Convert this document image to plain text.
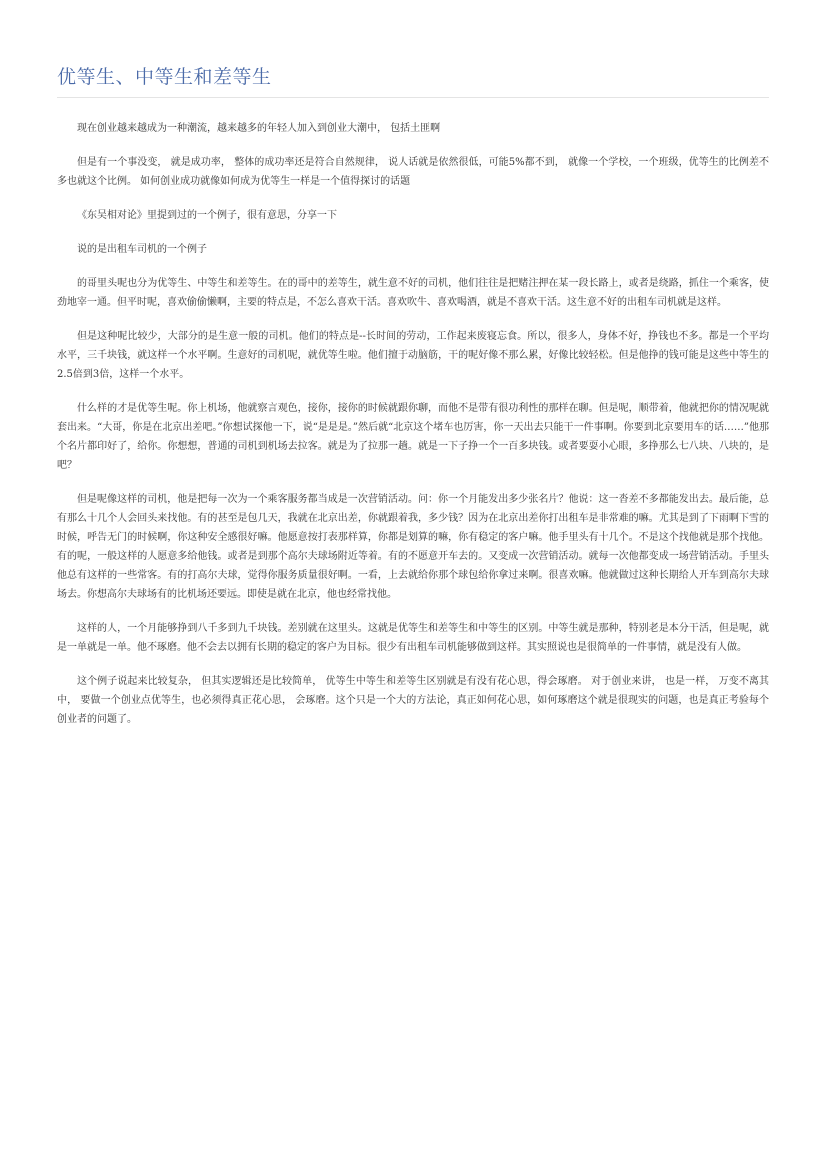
优等生、中等生和差等生

现在创业越来越成为一种潮流，越来越多的年轻人加入到创业大潮中， 包括土匪啊

但是有一个事没变， 就是成功率， 整体的成功率还是符合自然规律， 说人话就是依然很低，可能5%都不到， 就像一个学校，一个班级，优等生的比例差不多也就这个比例。 如何创业成功就像如何成为优等生一样是一个值得探讨的话题

《东吴相对论》里提到过的一个例子，很有意思，分享一下

说的是出租车司机的一个例子

的哥里头呢也分为优等生、中等生和差等生。在的哥中的差等生，就生意不好的司机，他们往往是把赌注押在某一段长路上，或者是绕路，抓住一个乘客，使劲地宰一通。但平时呢，喜欢偷偷懒啊，主要的特点是，不怎么喜欢干活。喜欢吹牛、喜欢喝酒，就是不喜欢干活。这生意不好的出租车司机就是这样。

但是这种呢比较少，大部分的是生意一般的司机。他们的特点是--长时间的劳动，工作起来废寝忘食。所以，很多人，身体不好，挣钱也不多。都是一个平均水平，三千块钱，就这样一个水平啊。生意好的司机呢，就优等生啦。他们擅于动脑筋，干的呢好像不那么累，好像比较轻松。但是他挣的钱可能是这些中等生的2.5倍到3倍，这样一个水平。

什么样的才是优等生呢。你上机场，他就察言观色，接你，接你的时候就跟你聊，而他不是带有很功利性的那样在聊。但是呢，顺带着，他就把你的情况呢就套出来。“大哥，你是在北京出差吧。”你想试探他一下，说“是是是。”然后就“北京这个堵车也厉害，你一天出去只能干一件事啊。你要到北京要用车的话……”他那个名片都印好了，给你。你想想，普通的司机到机场去拉客。就是为了拉那一趟。就是一下子挣一个一百多块钱。或者要耍小心眼，多挣那么七八块、八块的，是吧？

但是呢像这样的司机，他是把每一次为一个乘客服务都当成是一次营销活动。问：你一个月能发出多少张名片？他说：这一沓差不多都能发出去。最后能，总有那么十几个人会回头来找他。有的甚至是包几天，我就在北京出差，你就跟着我，多少钱？因为在北京出差你打出租车是非常难的嘛。尤其是到了下雨啊下雪的时候，呼告无门的时候啊，你这种安全感很好嘛。他愿意按打表那样算，你都是划算的嘛，你有稳定的客户嘛。他手里头有十几个。不是这个找他就是那个找他。有的呢，一般这样的人愿意多给他钱。或者是到那个高尔夫球场附近等着。有的不愿意开车去的。又变成一次营销活动。就每一次他都变成一场营销活动。手里头他总有这样的一些常客。有的打高尔夫球，觉得你服务质量很好啊。一看，上去就给你那个球包给你拿过来啊。很喜欢嘛。他就做过这种长期给人开车到高尔夫球场去。你想高尔夫球场有的比机场还要远。即使是就在北京，他也经常找他。

这样的人，一个月能够挣到八千多到九千块钱。差别就在这里头。这就是优等生和差等生和中等生的区别。中等生就是那种，特别老是本分干活，但是呢，就是一单就是一单。他不琢磨。他不会去以拥有长期的稳定的客户为目标。很少有出租车司机能够做到这样。其实照说也是很简单的一件事情，就是没有人做。

这个例子说起来比较复杂， 但其实逻辑还是比较简单， 优等生中等生和差等生区别就是有没有花心思，得会琢磨。 对于创业来讲， 也是一样， 万变不离其中， 要做一个创业点优等生，也必须得真正花心思， 会琢磨。这个只是一个大的方法论，真正如何花心思，如何琢磨这个就是很现实的问题，也是真正考验每个创业者的问题了。
